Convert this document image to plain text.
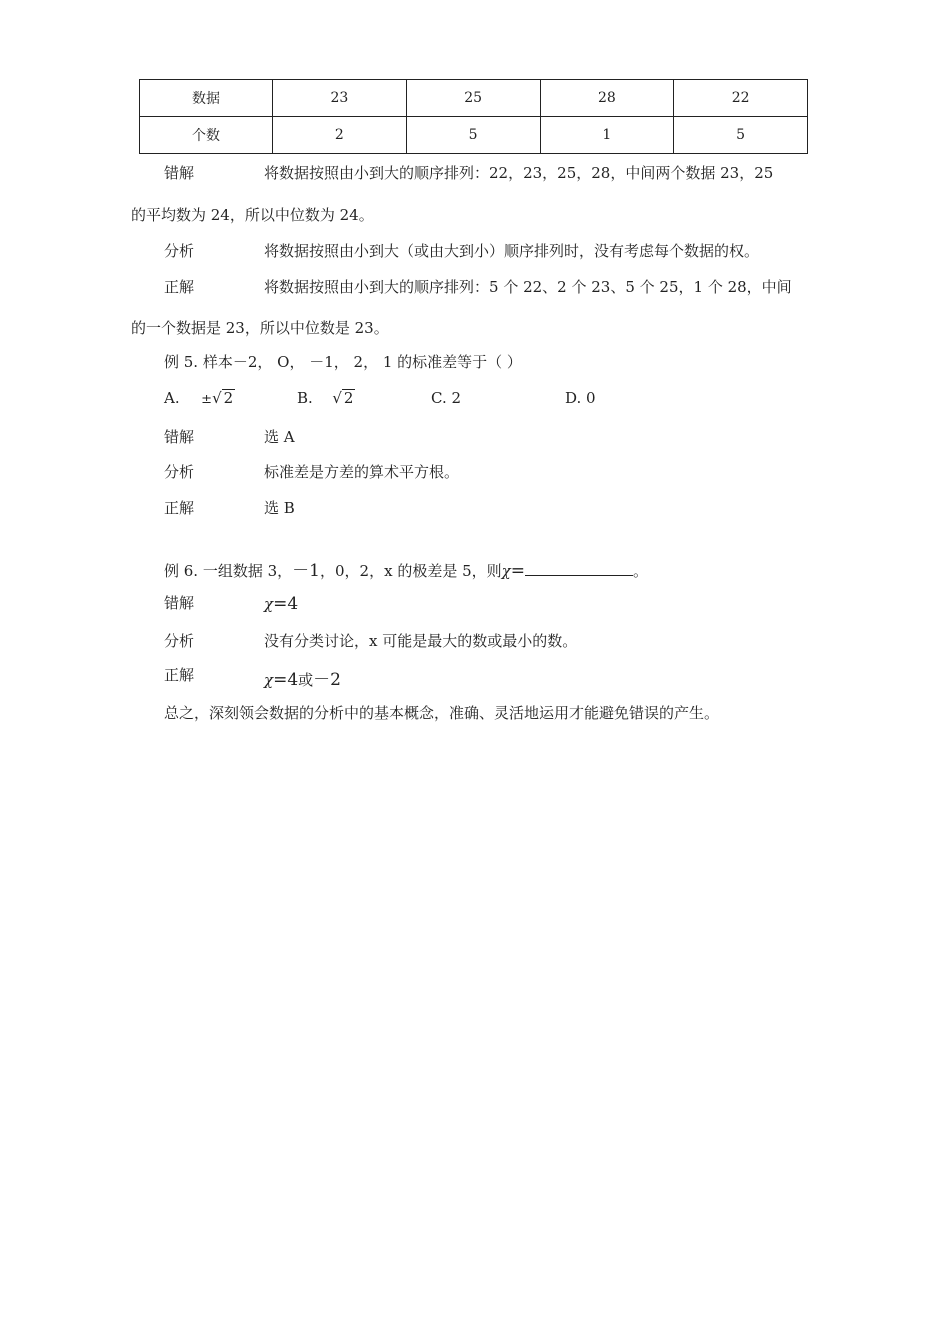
数据	23	25	28	22
个数	2	5	1	5
错解	将数据按照由小到大的顺序排列：22，23，25，28，中间两个数据 23，25
的平均数为 24，所以中位数为 24。
分析	将数据按照由小到大（或由大到小）顺序排列时，没有考虑每个数据的权。
正解	将数据按照由小到大的顺序排列：5 个 22、2 个 23、5 个 25，1 个 28，中间
的一个数据是 23，所以中位数是 23。
例 5. 样本－2， O， －1， 2， 1 的标准差等于（ ）
A. ±√ 2	B. √ 2	C. 2	D. 0
错解	选 A
分析	标准差是方差的算术平方根。
正解	选 B
例 6. 一组数据 3，－1，0，2，x 的极差是 5，则χ=	。
错解	χ=4
分析	没有分类讨论，x 可能是最大的数或最小的数。
正解	χ=4或－2
总之，深刻领会数据的分析中的基本概念，准确、灵活地运用才能避免错误的产生。
